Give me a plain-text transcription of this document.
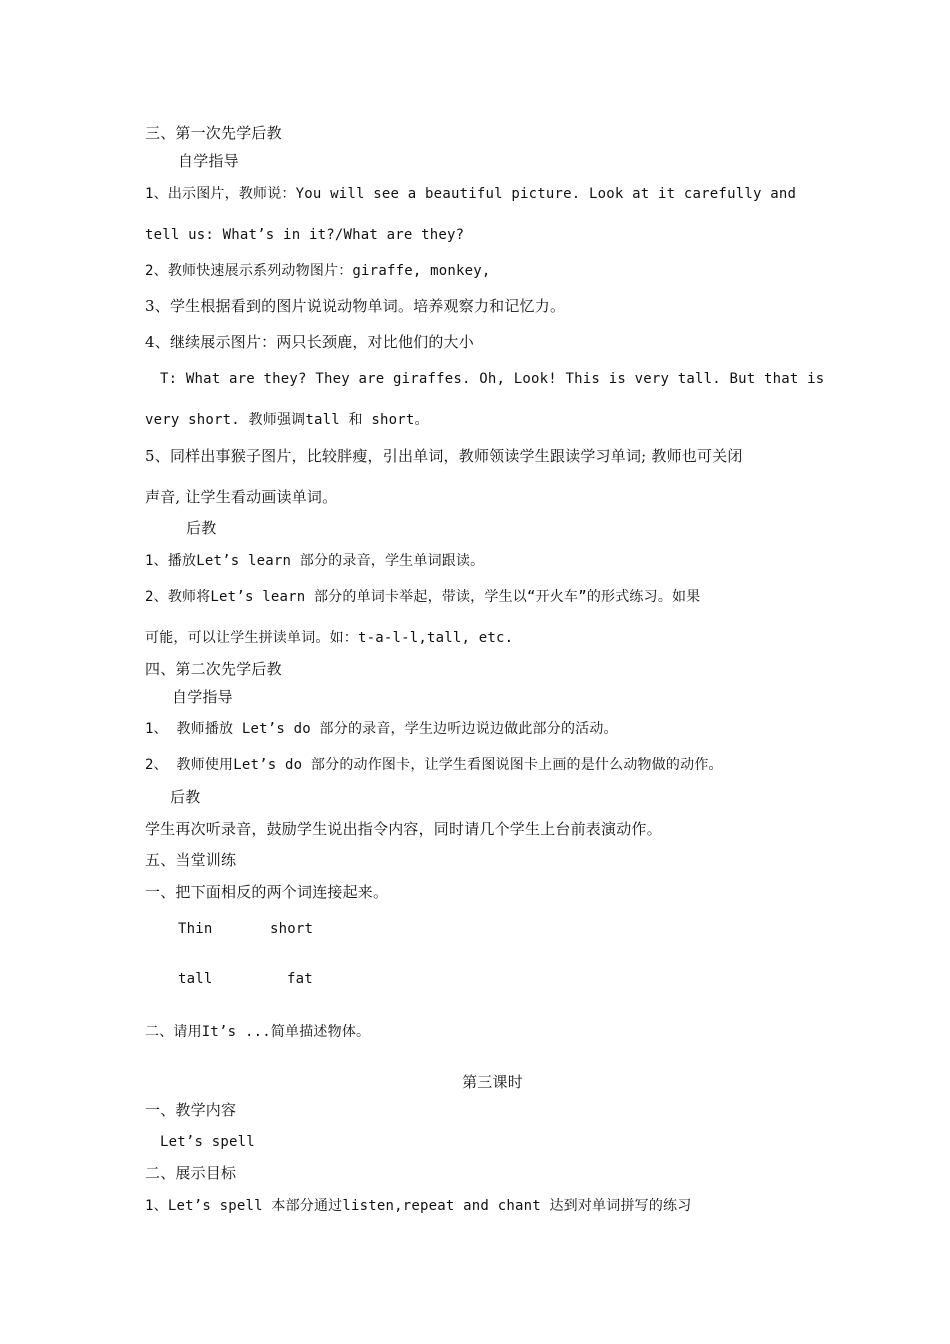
三、第一次先学后教
自学指导
1、出示图片，教师说：You will see a beautiful picture. Look at it carefully and
tell us: What’s in it?/What are they?
2、教师快速展示系列动物图片：giraffe, monkey,
3、学生根据看到的图片说说动物单词。培养观察力和记忆力。
4、继续展示图片：两只长颈鹿，对比他们的大小
T: What are they? They are giraffes. Oh, Look! This is very tall. But that is
very short. 教师强调tall 和 short。
5、同样出事猴子图片，比较胖瘦，引出单词，教师领读学生跟读学习单词; 教师也可关闭
声音, 让学生看动画读单词。
后教
1、播放Let’s learn 部分的录音，学生单词跟读。
2、教师将Let’s learn 部分的单词卡举起，带读，学生以“开火车”的形式练习。如果
可能，可以让学生拼读单词。如：t-a-l-l,tall, etc.
四、第二次先学后教
自学指导
1、 教师播放 Let’s do 部分的录音，学生边听边说边做此部分的活动。
2、 教师使用Let’s do 部分的动作图卡，让学生看图说图卡上画的是什么动物做的动作。
后教
学生再次听录音，鼓励学生说出指令内容，同时请几个学生上台前表演动作。
五、当堂训练
一、把下面相反的两个词连接起来。
Thin	short
tall	fat
二、请用It’s ...简单描述物体。
第三课时
一、教学内容
Let’s spell
二、展示目标
1、Let’s spell 本部分通过listen,repeat and chant 达到对单词拼写的练习
